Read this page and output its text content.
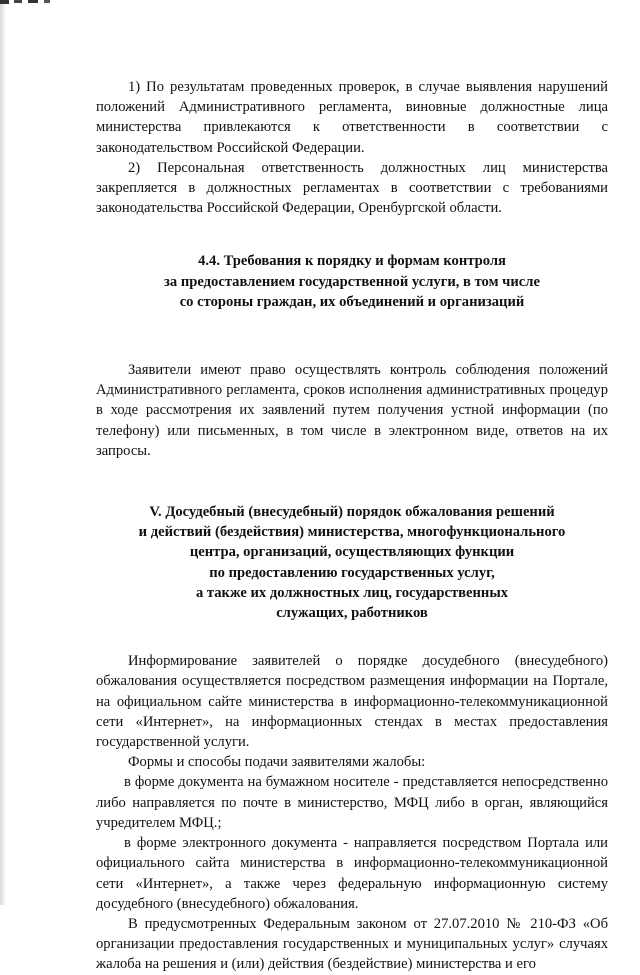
1) По результатам проведенных проверок, в случае выявления нарушений положений Административного регламента, виновные должностные лица министерства привлекаются к ответственности в соответствии с законодательством Российской Федерации.

2) Персональная ответственность должностных лиц министерства закрепляется в должностных регламентах в соответствии с требованиями законодательства Российской Федерации, Оренбургской области.

4.4. Требования к порядку и формам контроля
за предоставлением государственной услуги, в том числе
со стороны граждан, их объединений и организаций

Заявители имеют право осуществлять контроль соблюдения положений Административного регламента, сроков исполнения административных процедур в ходе рассмотрения их заявлений путем получения устной информации (по телефону) или письменных, в том числе в электронном виде, ответов на их запросы.

V. Досудебный (внесудебный) порядок обжалования решений
и действий (бездействия) министерства, многофункционального
центра, организаций, осуществляющих функции
по предоставлению государственных услуг,
а также их должностных лиц, государственных
служащих, работников

Информирование заявителей о порядке досудебного (внесудебного) обжалования осуществляется посредством размещения информации на Портале, на официальном сайте министерства в информационно-телекоммуникационной сети «Интернет», на информационных стендах в местах предоставления государственной услуги.

Формы и способы подачи заявителями жалобы:

в форме документа на бумажном носителе - представляется непосредственно либо направляется по почте в министерство, МФЦ либо в орган, являющийся учредителем МФЦ.;

в форме электронного документа - направляется посредством Портала или официального сайта министерства в информационно-телекоммуникационной сети «Интернет», а также через федеральную информационную систему досудебного (внесудебного) обжалования.

В предусмотренных Федеральным законом от 27.07.2010 № 210-ФЗ «Об организации предоставления государственных и муниципальных услуг» случаях жалоба на решения и (или) действия (бездействие) министерства и его
